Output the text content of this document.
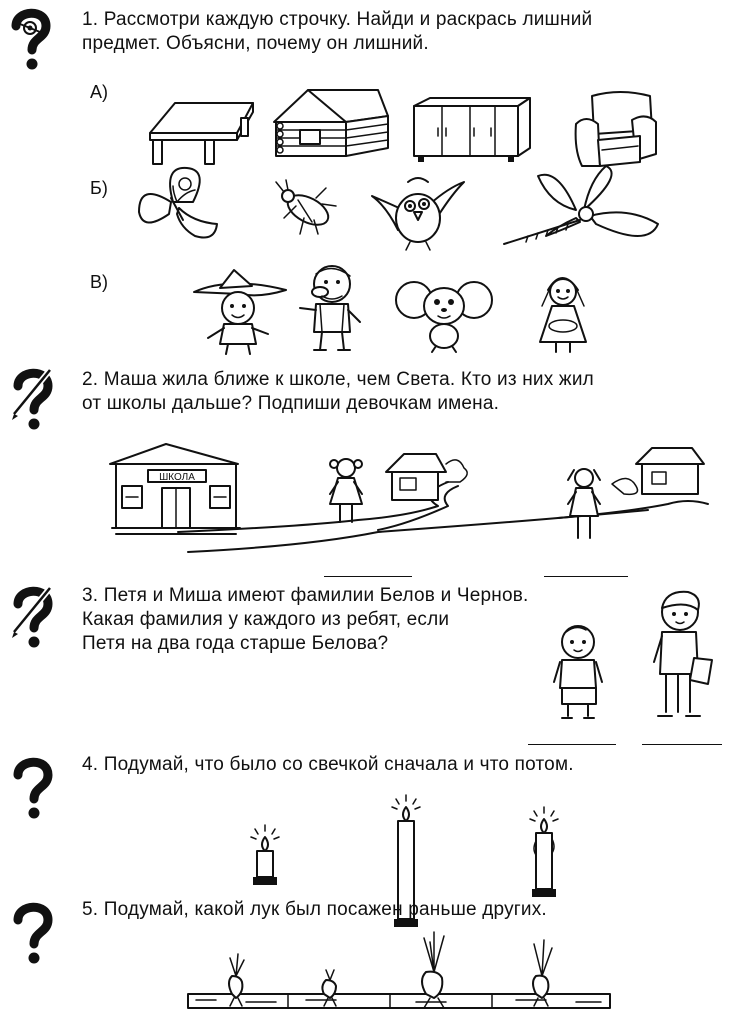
1. Рассмотри каждую строчку. Найди и раскрась лишний
предмет. Объясни, почему он лишний.
А)
Б)
В)
2. Маша жила ближе к школе, чем Света. Кто из них жил
от школы дальше? Подпиши девочкам имена.
ШКОЛА
3. Петя и Миша имеют фамилии Белов и Чернов.
Какая фамилия у каждого из ребят, если
Петя на два года старше Белова?
4. Подумай, что было со свечкой сначала и что потом.
5. Подумай, какой лук был посажен раньше других.
